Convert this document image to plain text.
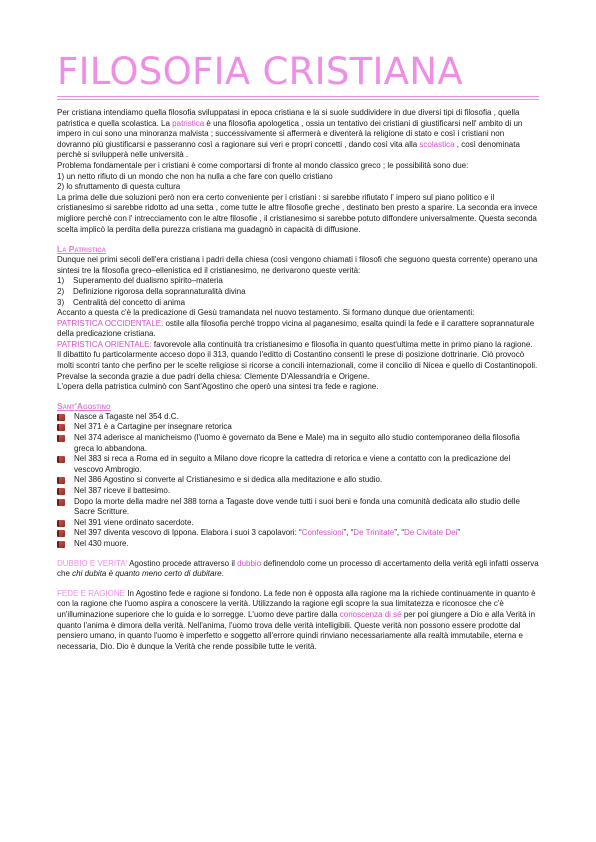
FILOSOFIA CRISTIANA

Per cristiana intendiamo quella filosofia sviluppatasi in epoca cristiana e la si suole suddividere in due diversi tipi di filosofia , quella patristica e quella scolastica. La patristica è una filosofia apologetica , ossia un tentativo dei cristiani di giustificarsi nell' ambito di un impero in cui sono una minoranza malvista ; successivamente si affermerà e diventerà la religione di stato e così i cristiani non dovranno più giustificarsi e passeranno così a ragionare sui veri e propri concetti , dando così vita alla scolastica , così denominata perchè si svilupperà nelle università .

Problema fondamentale per i cristiani è come comportarsi di fronte al mondo classico greco ; le possibilità sono due:

1) un netto rifiuto di un mondo che non ha nulla a che fare con quello cristiano

2) lo sfruttamento di questa cultura

La prima delle due soluzioni però non era certo conveniente per i cristiani : si sarebbe rifiutato l' impero sul piano politico e il cristianesimo si sarebbe ridotto ad una setta , come tutte le altre filosofie greche , destinato ben presto a sparire. La seconda era invece migliore perchè con l' intrecciamento con le altre filosofie , il cristianesimo si sarebbe potuto diffondere universalmente. Questa seconda scelta implicò la perdita della purezza cristiana ma guadagnò in capacità di diffusione.

La Patristica

Dunque nei primi secoli dell'era cristiana i padri della chiesa (così vengono chiamati i filosofi che seguono questa corrente) operano una sintesi tre la filosofia greco–ellenistica ed il cristianesimo, ne derivarono queste verità:

1)	Superamento del dualismo spirito–materia
2)	Definizione rigorosa della soprannaturalità divina
3)	Centralità del concetto di anima

Accanto a questa c'è la predicazione di Gesù tramandata nel nuovo testamento. Si formano dunque due orientamenti:

PATRISTICA OCCIDENTALE: ostile alla filosofia perché troppo vicina al paganesimo, esalta quindi la fede e il carattere soprannaturale della predicazione cristiana.

PATRISTICA ORIENTALE: favorevole alla continuità tra cristianesimo e filosofia in quanto quest'ultima mette in primo piano la ragione.

Il dibattito fu particolarmente acceso dopo il 313, quando l'editto di Costantino consentì le prese di posizione dottrinarie. Ciò provocò molti scontri tanto che perfino per le scelte religiose si ricorse a concili internazionali, come il concilio di Nicea e quello di Costantinopoli. Prevalse la seconda grazie a due padri della chiesa: Clemente D'Alessandria e Origene.

L'opera della patristica culminò con Sant'Agostino che operò una sintesi tra fede e ragione.

Sant'Agostino

Nasce a Tagaste nel 354 d.C.
Nel 371 è a Cartagine per insegnare retorica
Nel 374 aderisce al manicheismo (l'uomo è governato da Bene e Male) ma in seguito allo studio contemporaneo della filosofia greca lo abbandona.
Nel 383 si reca a Roma ed in seguito a Milano dove ricopre la cattedra di retorica e viene a contatto con la predicazione del vescovo Ambrogio.
Nel 386 Agostino si converte al Cristianesimo e si dedica alla meditazione e allo studio.
Nel 387 riceve il battesimo.
Dopo la morte della madre nel 388 torna a Tagaste dove vende tutti i suoi beni e fonda una comunità dedicata allo studio delle Sacre Scritture.
Nel 391 viene ordinato sacerdote.
Nel 397 diventa vescovo di Ippona. Elabora i suoi 3 capolavori: “Confessioni”, “De Trinitate”, “De Civitate Dei”
Nel 430 muore.

DUBBIO E VERITA' Agostino procede attraverso il dubbio definendolo come un processo di accertamento della verità egli infatti osserva che chi dubita è quanto meno certo di dubitare.

FEDE E RAGIONE In Agostino fede e ragione si fondono. La fede non è opposta alla ragione ma la richiede continuamente in quanto è con la ragione che l'uomo aspira a conoscere la verità. Utilizzando la ragione egli scopre la sua limitatezza e riconosce che c'è un'illuminazione superiore che lo guida e lo sorregge. L'uomo deve partire dalla conoscenza di sé per poi giungere a Dio e alla Verità in quanto l'anima è dimora della verità. Nell'anima, l'uomo trova delle verità intelligibili. Queste verità non possono essere prodotte dal pensiero umano, in quanto l'uomo è imperfetto e soggetto all'errore quindi rinviano necessariamente alla realtà immutabile, eterna e necessaria, Dio. Dio è dunque la Verità che rende possibile tutte le verità.
